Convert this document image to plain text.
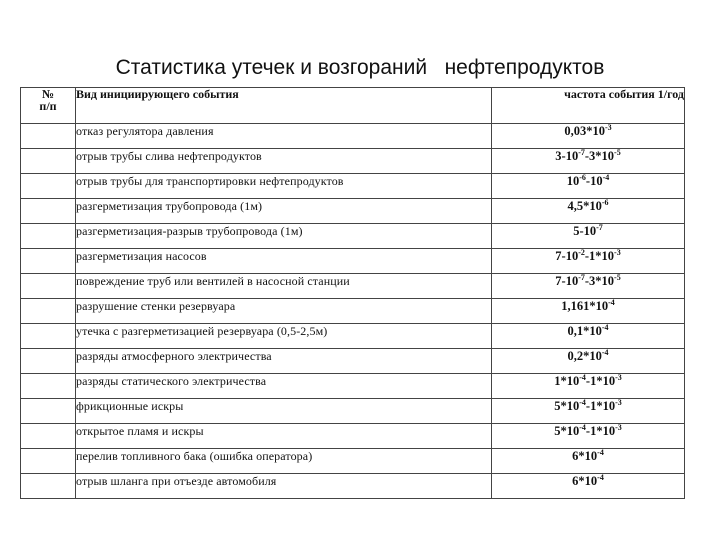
Статистика утечек и возгораний   нефтепродуктов
№
п/п	Вид инициирующего события	частота события 1/год
	отказ регулятора давления	$0,03*10^{-3}$
	отрыв трубы слива нефтепродуктов	$3-10^{-7}-3*10^{-5}$
	отрыв трубы для транспортировки нефтепродуктов	$10^{-6}-10^{-4}$
	разгерметизация трубопровода (1м)	$4,5*10^{-6}$
	разгерметизация-разрыв трубопровода (1м)	$5-10^{-7}$
	разгерметизация насосов	$7-10^{-2}-1*10^{-3}$
	повреждение труб или вентилей в насосной станции	$7-10^{-7}-3*10^{-5}$
	разрушение стенки резервуара	$1,161*10^{-4}$
	утечка с разгерметизацией резервуара (0,5-2,5м)	$0,1*10^{-4}$
	разряды атмосферного электричества	$0,2*10^{-4}$
	разряды статического электричества	$1*10^{-4}-1*10^{-3}$
	фрикционные искры	$5*10^{-4}-1*10^{-3}$
	открытое пламя и искры	$5*10^{-4}-1*10^{-3}$
	перелив топливного бака (ошибка оператора)	$6*10^{-4}$
	отрыв шланга при отъезде автомобиля	$6*10^{-4}$
